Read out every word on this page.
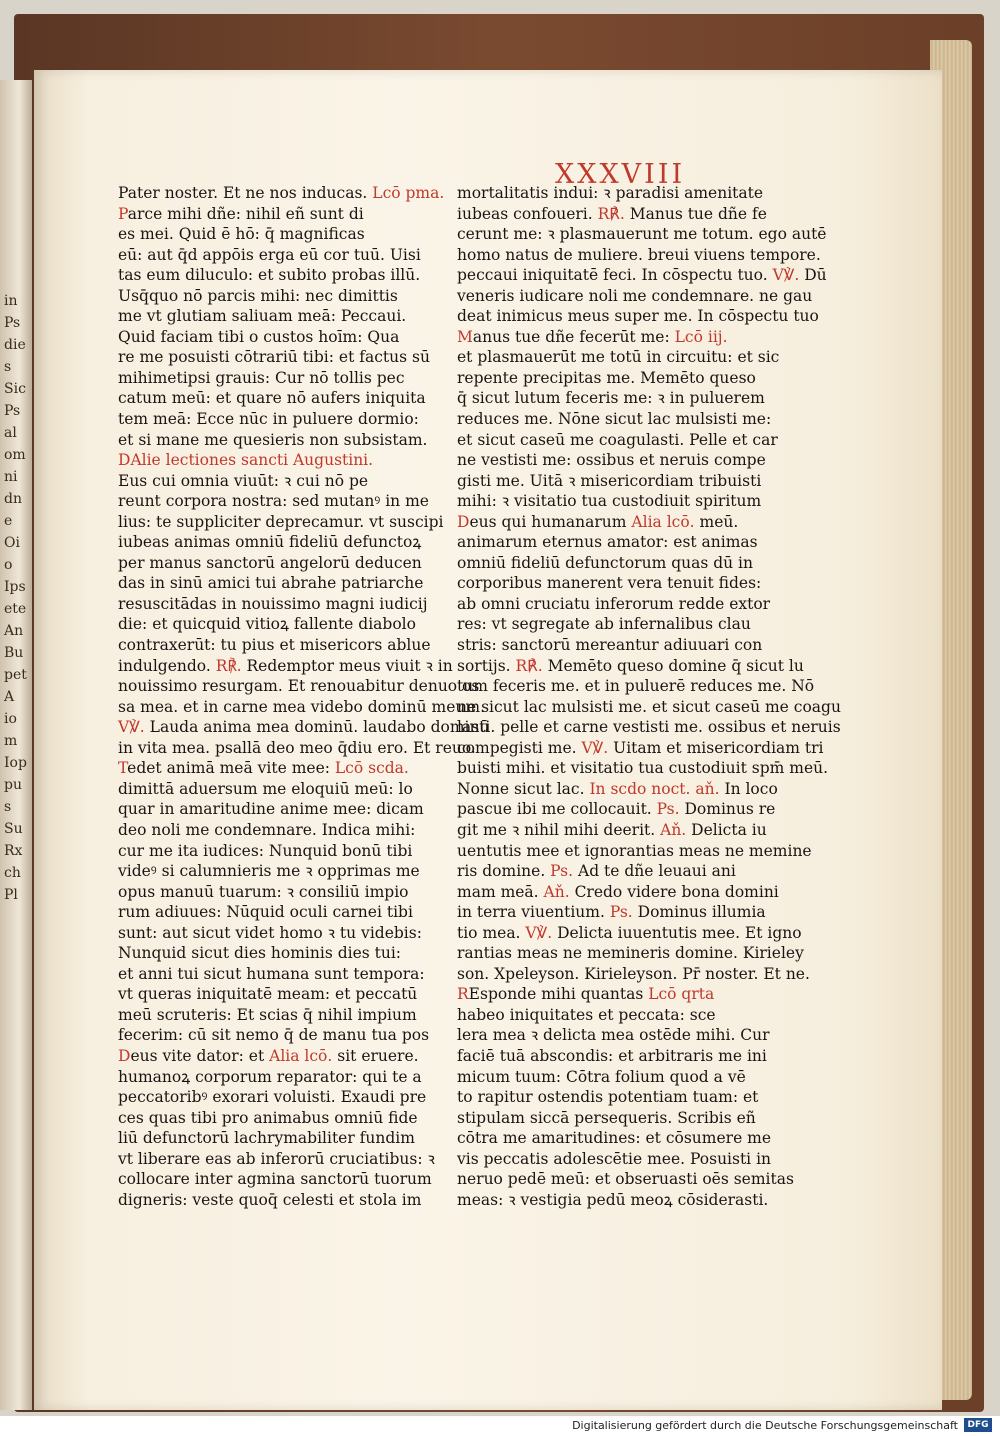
in
Ps
dies
Sic
Psal
omni
dne
Oio
Ips
ete
An
Bu
pet
A
iom
Iop
pus
Su
Rx
ch
Pl
XXXVIII
Pater noster. Et ne nos inducas. Lcō pma.
Parce mihi dñe: nihil eñ sunt di
es mei. Quid ē hō: q̄ magnificas
eū: aut q̄d appōis erga eū cor tuū. Uisi
tas eum diluculo: et subito probas illū.
Usq̄quo nō parcis mihi: nec dimittis
me vt glutiam saliuam meā: Peccaui.
Quid faciam tibi o custos hoīm: Qua
re me posuisti cōtrariū tibi: et factus sū
mihimetipsi grauis: Cur nō tollis pec
catum meū: et quare nō aufers iniquita
tem meā: Ecce nūc in puluere dormio:
et si mane me quesieris non subsistam.
DAlie lectiones sancti Augustini.
Eus cui omnia viuūt: ꝛ cui nō pe
reunt corpora nostra: sed mutanꝰ in me
lius: te suppliciter deprecamur. vt suscipi
iubeas animas omniū fideliū defunctoꝝ
per manus sanctorū angelorū deducen
das in sinū amici tui abrahe patriarche
resuscitādas in nouissimo magni iudicij
die: et quicquid vitioꝝ fallente diabolo
contraxerūt: tu pius et misericors ablue
indulgendo. R℟. Redemptor meus viuit ꝛ in
nouissimo resurgam. Et renouabitur denuo os
sa mea. et in carne mea videbo dominū meum.
V℣. Lauda anima mea dominū. laudabo dominū
in vita mea. psallā deo meo q̄diu ero. Et reuo.
Tedet animā meā vite mee: Lcō scda.
dimittā aduersum me eloquiū meū: lo
quar in amaritudine anime mee: dicam
deo noli me condemnare. Indica mihi:
cur me ita iudices: Nunquid bonū tibi
videꝰ si calumnieris me ꝛ opprimas me
opus manuū tuarum: ꝛ consiliū impio
rum adiuues: Nūquid oculi carnei tibi
sunt: aut sicut videt homo ꝛ tu videbis:
Nunquid sicut dies hominis dies tui:
et anni tui sicut humana sunt tempora:
vt queras iniquitatē meam: et peccatū
meū scruteris: Et scias q̄ nihil impium
fecerim: cū sit nemo q̄ de manu tua pos
Deus vite dator: et Alia lcō. sit eruere.
humanoꝝ corporum reparator: qui te a
peccatoribꝰ exorari voluisti. Exaudi pre
ces quas tibi pro animabus omniū fide
liū defunctorū lachrymabiliter fundim
vt liberare eas ab inferorū cruciatibus: ꝛ
collocare inter agmina sanctorū tuorum
digneris: veste quoq̄ celesti et stola im
mortalitatis indui: ꝛ paradisi amenitate
iubeas confoueri. R℟. Manus tue dñe fe
cerunt me: ꝛ plasmauerunt me totum. ego autē
homo natus de muliere. breui viuens tempore.
peccaui iniquitatē feci. In cōspectu tuo. V℣. Dū
veneris iudicare noli me condemnare. ne gau
deat inimicus meus super me. In cōspectu tuo
Manus tue dñe fecerūt me: Lcō iij.
et plasmauerūt me totū in circuitu: et sic
repente precipitas me. Memēto queso
q̄ sicut lutum feceris me: ꝛ in puluerem
reduces me. Nōne sicut lac mulsisti me:
et sicut caseū me coagulasti. Pelle et car
ne vestisti me: ossibus et neruis compe
gisti me. Uitā ꝛ misericordiam tribuisti
mihi: ꝛ visitatio tua custodiuit spiritum
Deus qui humanarum Alia lcō. meū.
animarum eternus amator: est animas
omniū fideliū defunctorum quas dū in
corporibus manerent vera tenuit fides:
ab omni cruciatu inferorum redde extor
res: vt segregate ab infernalibus clau
stris: sanctorū mereantur adiuuari con
sortijs. R℟. Memēto queso domine q̄ sicut lu
tum feceris me. et in puluerē reduces me. Nō
ne sicut lac mulsisti me. et sicut caseū me coagu
lasti. pelle et carne vestisti me. ossibus et neruis
compegisti me. V℣. Uitam et misericordiam tri
buisti mihi. et visitatio tua custodiuit spm̄ meū.
Nonne sicut lac. In scdo noct. aň. In loco
pascue ibi me collocauit. Ps. Dominus re
git me ꝛ nihil mihi deerit. Aň. Delicta iu
uentutis mee et ignorantias meas ne memine
ris domine. Ps. Ad te dñe leuaui ani
mam meā. Aň. Credo videre bona domini
in terra viuentium. Ps. Dominus illumia
tio mea. V℣. Delicta iuuentutis mee. Et igno
rantias meas ne memineris domine. Kirieley
son. Xpeleyson. Kirieleyson. Pr̄ noster. Et ne.
REsponde mihi quantas Lcō qrta
habeo iniquitates et peccata: sce
lera mea ꝛ delicta mea ostēde mihi. Cur
faciē tuā abscondis: et arbitraris me ini
micum tuum: Cōtra folium quod a vē
to rapitur ostendis potentiam tuam: et
stipulam siccā persequeris. Scribis eñ
cōtra me amaritudines: et cōsumere me
vis peccatis adolescētie mee. Posuisti in
neruo pedē meū: et obseruasti oēs semitas
meas: ꝛ vestigia pedū meoꝝ cōsiderasti.
Digitalisierung gefördert durch die Deutsche Forschungsgemeinschaft	DFG
